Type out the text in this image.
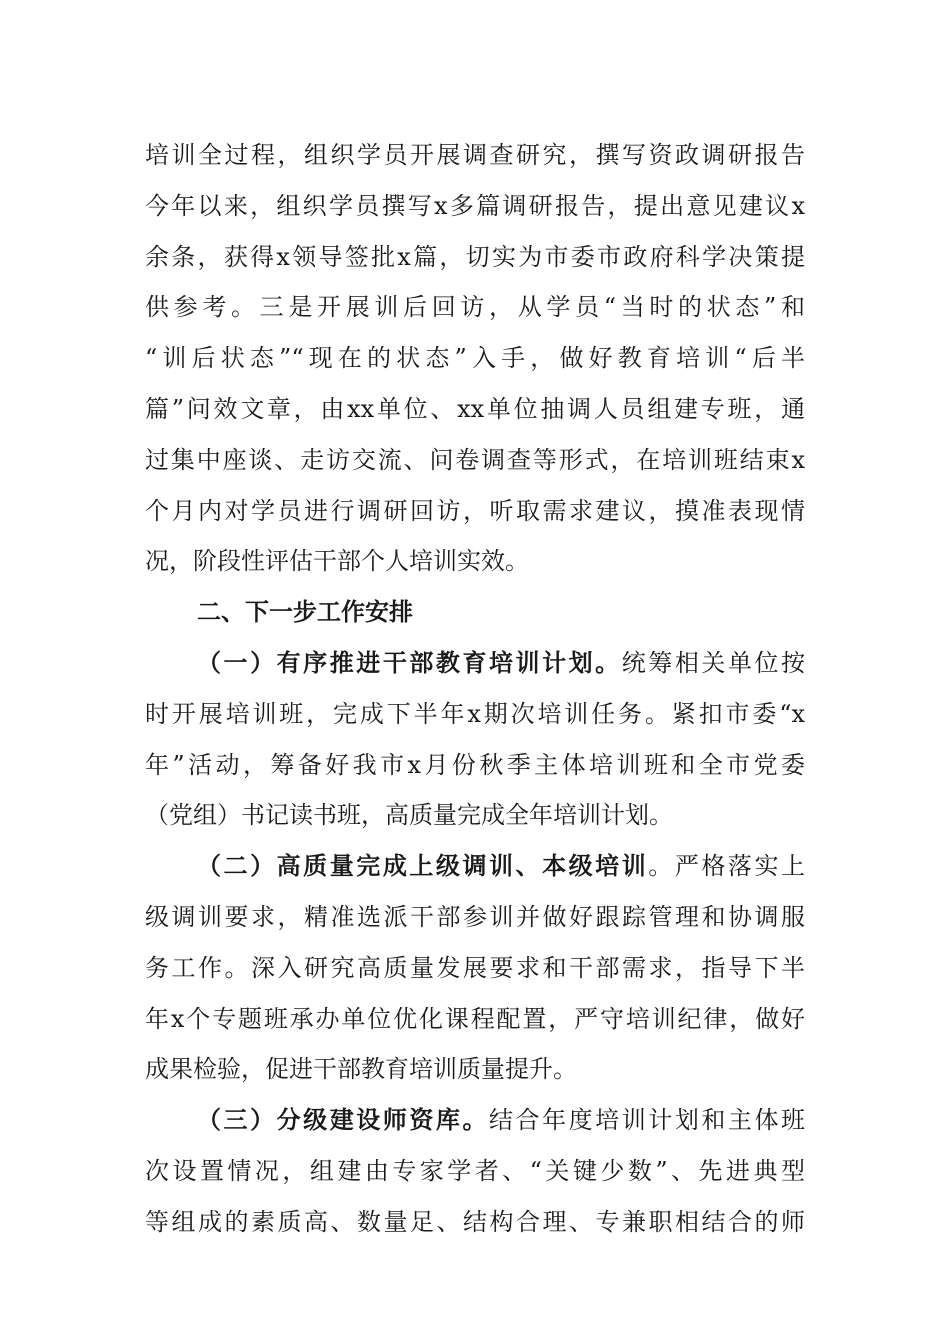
培训全过程，组织学员开展调查研究，撰写资政调研报告
今年以来，组织学员撰写x多篇调研报告，提出意见建议x
余条，获得x领导签批x篇，切实为市委市政府科学决策提
供参考。三是开展训后回访，从学员“当时的状态”和
“训后状态”“现在的状态”入手，做好教育培训“后半
篇”问效文章，由xx单位、xx单位抽调人员组建专班，通
过集中座谈、走访交流、问卷调查等形式，在培训班结束x
个月内对学员进行调研回访，听取需求建议，摸准表现情
况，阶段性评估干部个人培训实效。
二、下一步工作安排
（一）有序推进干部教育培训计划。统筹相关单位按
时开展培训班，完成下半年x期次培训任务。紧扣市委“x
年”活动，筹备好我市x月份秋季主体培训班和全市党委
（党组）书记读书班，高质量完成全年培训计划。
（二）高质量完成上级调训、本级培训。严格落实上
级调训要求，精准选派干部参训并做好跟踪管理和协调服
务工作。深入研究高质量发展要求和干部需求，指导下半
年x个专题班承办单位优化课程配置，严守培训纪律，做好
成果检验，促进干部教育培训质量提升。
（三）分级建设师资库。结合年度培训计划和主体班
次设置情况，组建由专家学者、“关键少数”、先进典型
等组成的素质高、数量足、结构合理、专兼职相结合的师
